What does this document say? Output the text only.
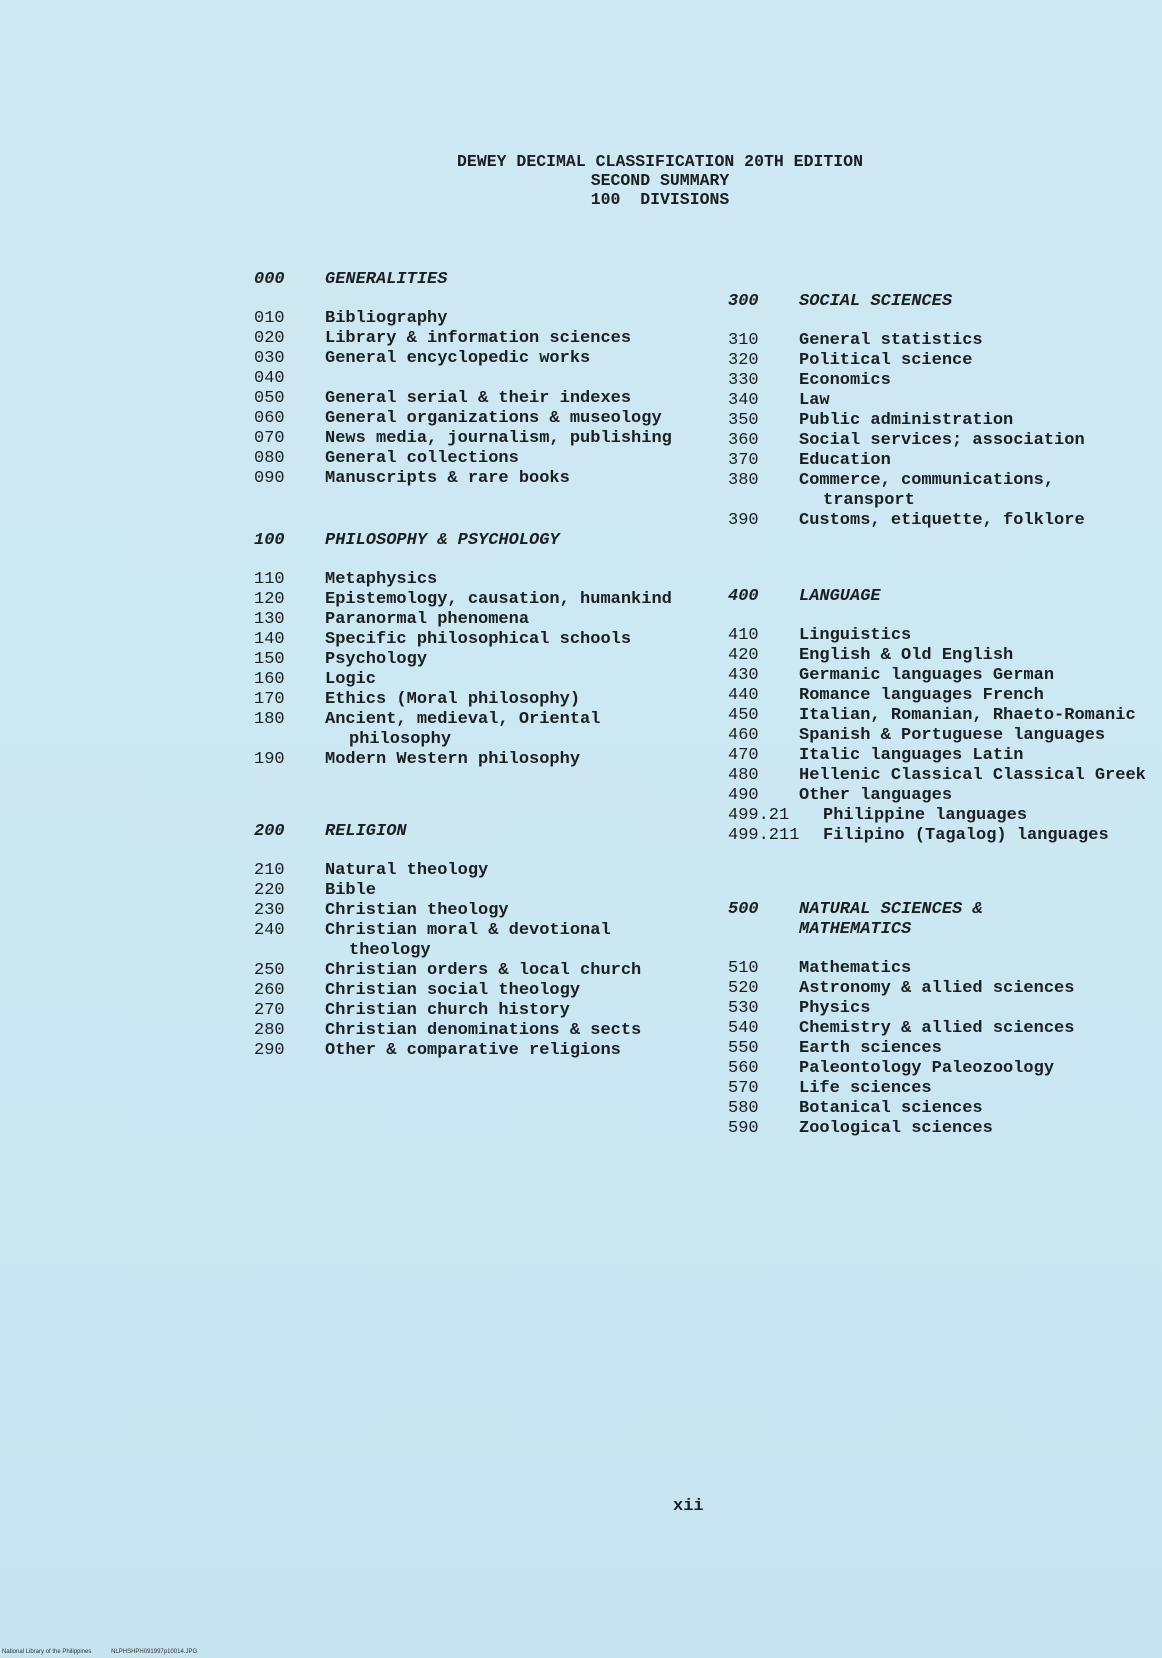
DEWEY DECIMAL CLASSIFICATION 20TH EDITION
SECOND SUMMARY
100  DIVISIONS
000	GENERALITIES
010	Bibliography
020	Library & information sciences
030	General encyclopedic works
040
050	General serial & their indexes
060	General organizations & museology
070	News media, journalism, publishing
080	General collections
090	Manuscripts & rare books
100	PHILOSOPHY & PSYCHOLOGY
110	Metaphysics
120	Epistemology, causation, humankind
130	Paranormal phenomena
140	Specific philosophical schools
150	Psychology
160	Logic
170	Ethics (Moral philosophy)
180	Ancient, medieval, Oriental philosophy
190	Modern Western philosophy
200	RELIGION
210	Natural theology
220	Bible
230	Christian theology
240	Christian moral & devotional theology
250	Christian orders & local church
260	Christian social theology
270	Christian church history
280	Christian denominations & sects
290	Other & comparative religions
300	SOCIAL SCIENCES
310	General statistics
320	Political science
330	Economics
340	Law
350	Public administration
360	Social services; association
370	Education
380	Commerce, communications, transport
390	Customs, etiquette, folklore
400	LANGUAGE
410	Linguistics
420	English & Old English
430	Germanic languages German
440	Romance languages French
450	Italian, Romanian, Rhaeto-Romanic
460	Spanish & Portuguese languages
470	Italic languages Latin
480	Hellenic Classical Classical Greek
490	Other languages
499.21	Philippine languages
499.211	Filipino (Tagalog) languages
500	NATURAL SCIENCES & MATHEMATICS
510	Mathematics
520	Astronomy & allied sciences
530	Physics
540	Chemistry & allied sciences
550	Earth sciences
560	Paleontology Paleozoology
570	Life sciences
580	Botanical sciences
590	Zoological sciences
xii
National Library of the Philippines	NLPHSHPH091997p10014.JPG
